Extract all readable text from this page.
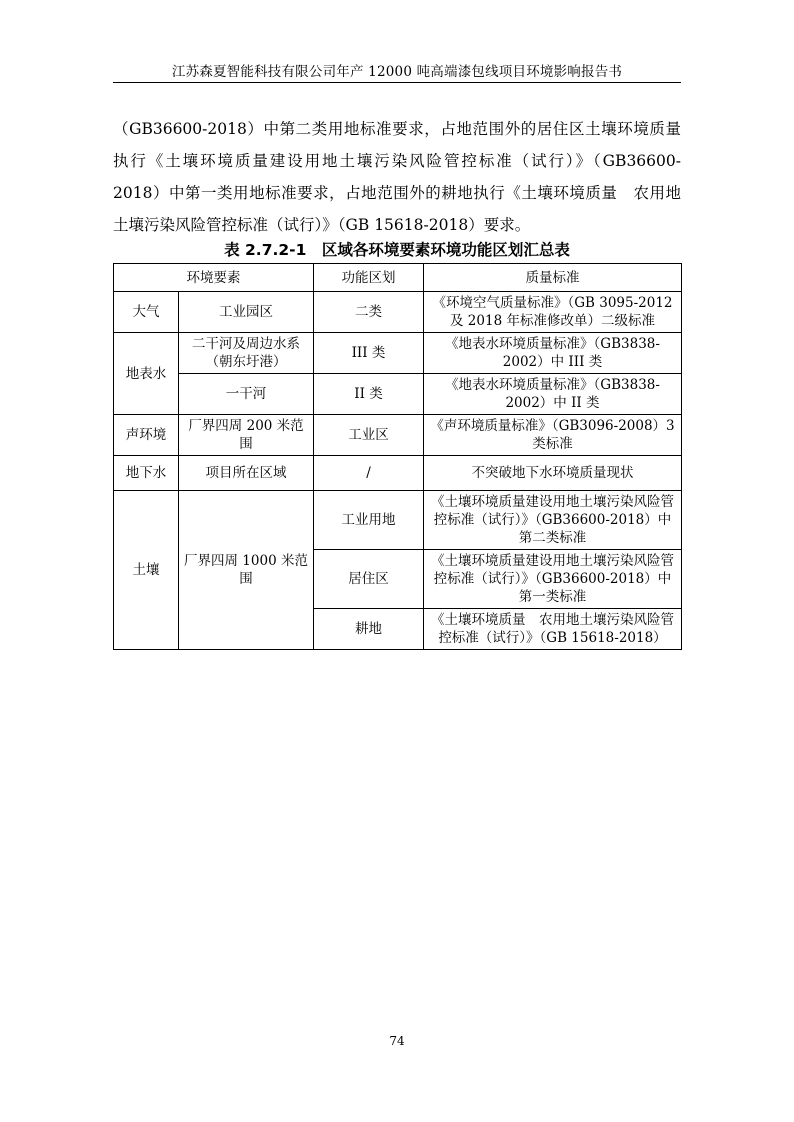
江苏森夏智能科技有限公司年产 12000 吨高端漆包线项目环境影响报告书
（GB36600-2018）中第二类用地标准要求，占地范围外的居住区土壤环境质量
执行《土壤环境质量建设用地土壤污染风险管控标准（试行）》（GB36600-
2018）中第一类用地标准要求，占地范围外的耕地执行《土壤环境质量　农用地
土壤污染风险管控标准（试行）》（GB 15618-2018）要求。
表 2.7.2-1　区域各环境要素环境功能区划汇总表
环境要素		功能区划	质量标准
大气	工业园区	二类	《环境空气质量标准》（GB 3095-2012 及 2018 年标准修改单）二级标准
地表水	二干河及周边水系（朝东圩港）	III 类	《地表水环境质量标准》（GB3838-2002）中 III 类
	一干河	II 类	《地表水环境质量标准》（GB3838-2002）中 II 类
声环境	厂界四周 200 米范围	工业区	《声环境质量标准》（GB3096-2008）3 类标准
地下水	项目所在区域	/	不突破地下水环境质量现状
土壤	厂界四周 1000 米范围	工业用地	《土壤环境质量建设用地土壤污染风险管控标准（试行）》（GB36600-2018）中第二类标准
		居住区	《土壤环境质量建设用地土壤污染风险管控标准（试行）》（GB36600-2018）中第一类标准
		耕地	《土壤环境质量　农用地土壤污染风险管控标准（试行）》（GB 15618-2018）
74
